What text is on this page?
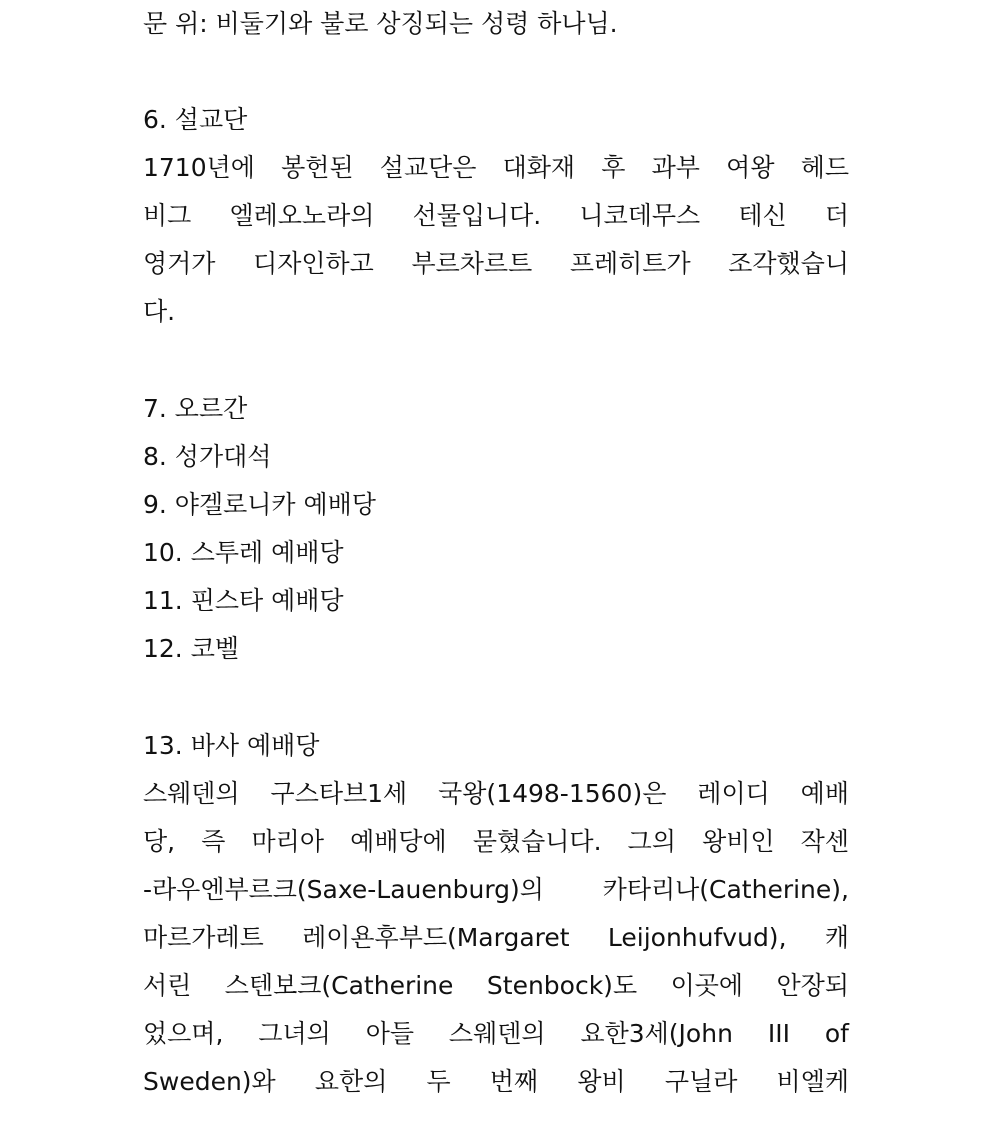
문 위: 비둘기와 불로 상징되는 성령 하나님.
6. 설교단
1710년에 봉헌된 설교단은 대화재 후 과부 여왕 헤드
비그 엘레오노라의 선물입니다. 니코데무스 테신 더
영거가 디자인하고 부르차르트 프레히트가 조각했습니
다.
7. 오르간
8. 성가대석
9. 야겔로니카 예배당
10. 스투레 예배당
11. 핀스타 예배당
12. 코벨
13. 바사 예배당
스웨덴의 구스타브1세 국왕(1498-1560)은 레이디 예배
당, 즉 마리아 예배당에 묻혔습니다. 그의 왕비인 작센
-라우엔부르크(Saxe-Lauenburg)의 카타리나(Catherine),
마르가레트 레이욘후부드(Margaret Leijonhufvud), 캐
서린 스텐보크(Catherine Stenbock)도 이곳에 안장되
었으며, 그녀의 아들 스웨덴의 요한3세(John III of
Sweden)와 요한의 두 번째 왕비 구닐라 비엘케
